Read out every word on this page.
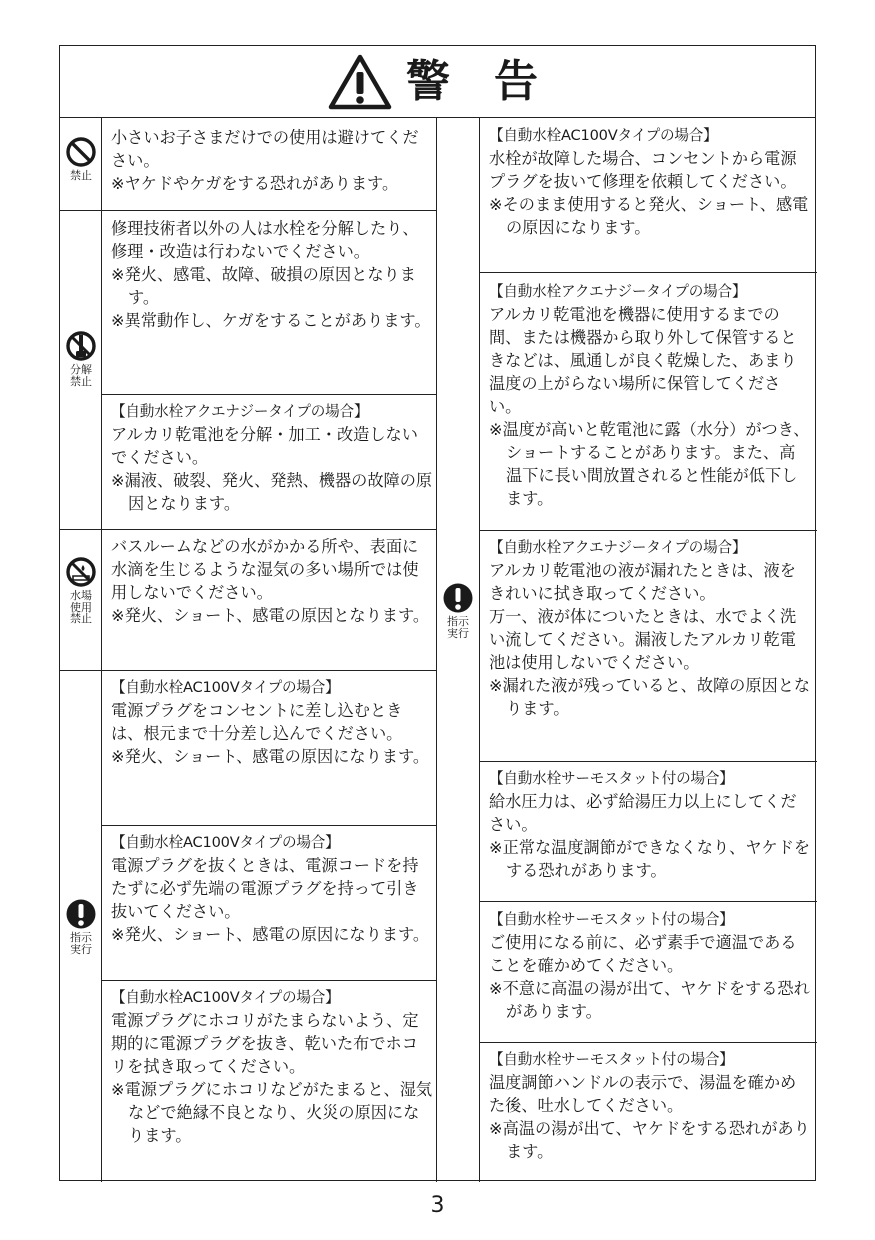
警告
禁止
分解
禁止
水場
使用
禁止
指示
実行
指示
実行

小さいお子さまだけでの使用は避けてください。

※ヤケドやケガをする恐れがあります。

修理技術者以外の人は水栓を分解したり、修理・改造は行わないでください。

※発火、感電、故障、破損の原因となります。

※異常動作し、ケガをすることがあります。

【自動水栓アクエナジータイプの場合】

アルカリ乾電池を分解・加工・改造しないでください。

※漏液、破裂、発火、発熱、機器の故障の原因となります。

バスルームなどの水がかかる所や、表面に水滴を生じるような湿気の多い場所では使用しないでください。

※発火、ショート、感電の原因となります。

【自動水栓AC100Vタイプの場合】

電源プラグをコンセントに差し込むときは、根元まで十分差し込んでください。

※発火、ショート、感電の原因になります。

【自動水栓AC100Vタイプの場合】

電源プラグを抜くときは、電源コードを持たずに必ず先端の電源プラグを持って引き抜いてください。

※発火、ショート、感電の原因になります。

【自動水栓AC100Vタイプの場合】

電源プラグにホコリがたまらないよう、定期的に電源プラグを抜き、乾いた布でホコリを拭き取ってください。

※電源プラグにホコリなどがたまると、湿気などで絶縁不良となり、火災の原因になります。

【自動水栓AC100Vタイプの場合】

水栓が故障した場合、コンセントから電源プラグを抜いて修理を依頼してください。

※そのまま使用すると発火、ショート、感電の原因になります。

【自動水栓アクエナジータイプの場合】

アルカリ乾電池を機器に使用するまでの間、または機器から取り外して保管するときなどは、風通しが良く乾燥した、あまり温度の上がらない場所に保管してください。

※温度が高いと乾電池に露（水分）がつき、ショートすることがあります。また、高温下に長い間放置されると性能が低下します。

【自動水栓アクエナジータイプの場合】

アルカリ乾電池の液が漏れたときは、液をきれいに拭き取ってください。

万一、液が体についたときは、水でよく洗い流してください。漏液したアルカリ乾電池は使用しないでください。

※漏れた液が残っていると、故障の原因となります。

【自動水栓サーモスタット付の場合】

給水圧力は、必ず給湯圧力以上にしてください。

※正常な温度調節ができなくなり、ヤケドをする恐れがあります。

【自動水栓サーモスタット付の場合】

ご使用になる前に、必ず素手で適温であることを確かめてください。

※不意に高温の湯が出て、ヤケドをする恐れがあります。

【自動水栓サーモスタット付の場合】

温度調節ハンドルの表示で、湯温を確かめた後、吐水してください。

※高温の湯が出て、ヤケドをする恐れがあります。

3
